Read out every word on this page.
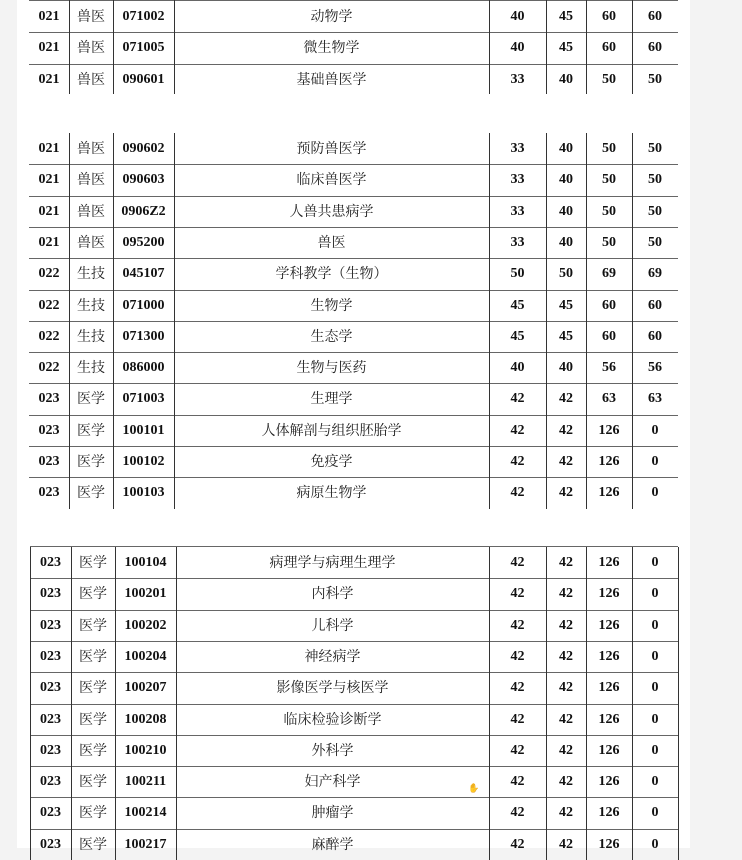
021	兽医	071002	动物学	40	45	60	60
021	兽医	071005	微生物学	40	45	60	60
021	兽医	090601	基础兽医学	33	40	50	50
021	兽医	090602	预防兽医学	33	40	50	50
021	兽医	090603	临床兽医学	33	40	50	50
021	兽医	0906Z2	人兽共患病学	33	40	50	50
021	兽医	095200	兽医	33	40	50	50
022	生技	045107	学科教学（生物）	50	50	69	69
022	生技	071000	生物学	45	45	60	60
022	生技	071300	生态学	45	45	60	60
022	生技	086000	生物与医药	40	40	56	56
023	医学	071003	生理学	42	42	63	63
023	医学	100101	人体解剖与组织胚胎学	42	42	126	0
023	医学	100102	免疫学	42	42	126	0
023	医学	100103	病原生物学	42	42	126	0
023	医学	100104	病理学与病理生理学	42	42	126	0
023	医学	100201	内科学	42	42	126	0
023	医学	100202	儿科学	42	42	126	0
023	医学	100204	神经病学	42	42	126	0
023	医学	100207	影像医学与核医学	42	42	126	0
023	医学	100208	临床检验诊断学	42	42	126	0
023	医学	100210	外科学	42	42	126	0
023	医学	100211	妇产科学	42	42	126	0
023	医学	100214	肿瘤学	42	42	126	0
023	医学	100217	麻醉学	42	42	126	0
✋
